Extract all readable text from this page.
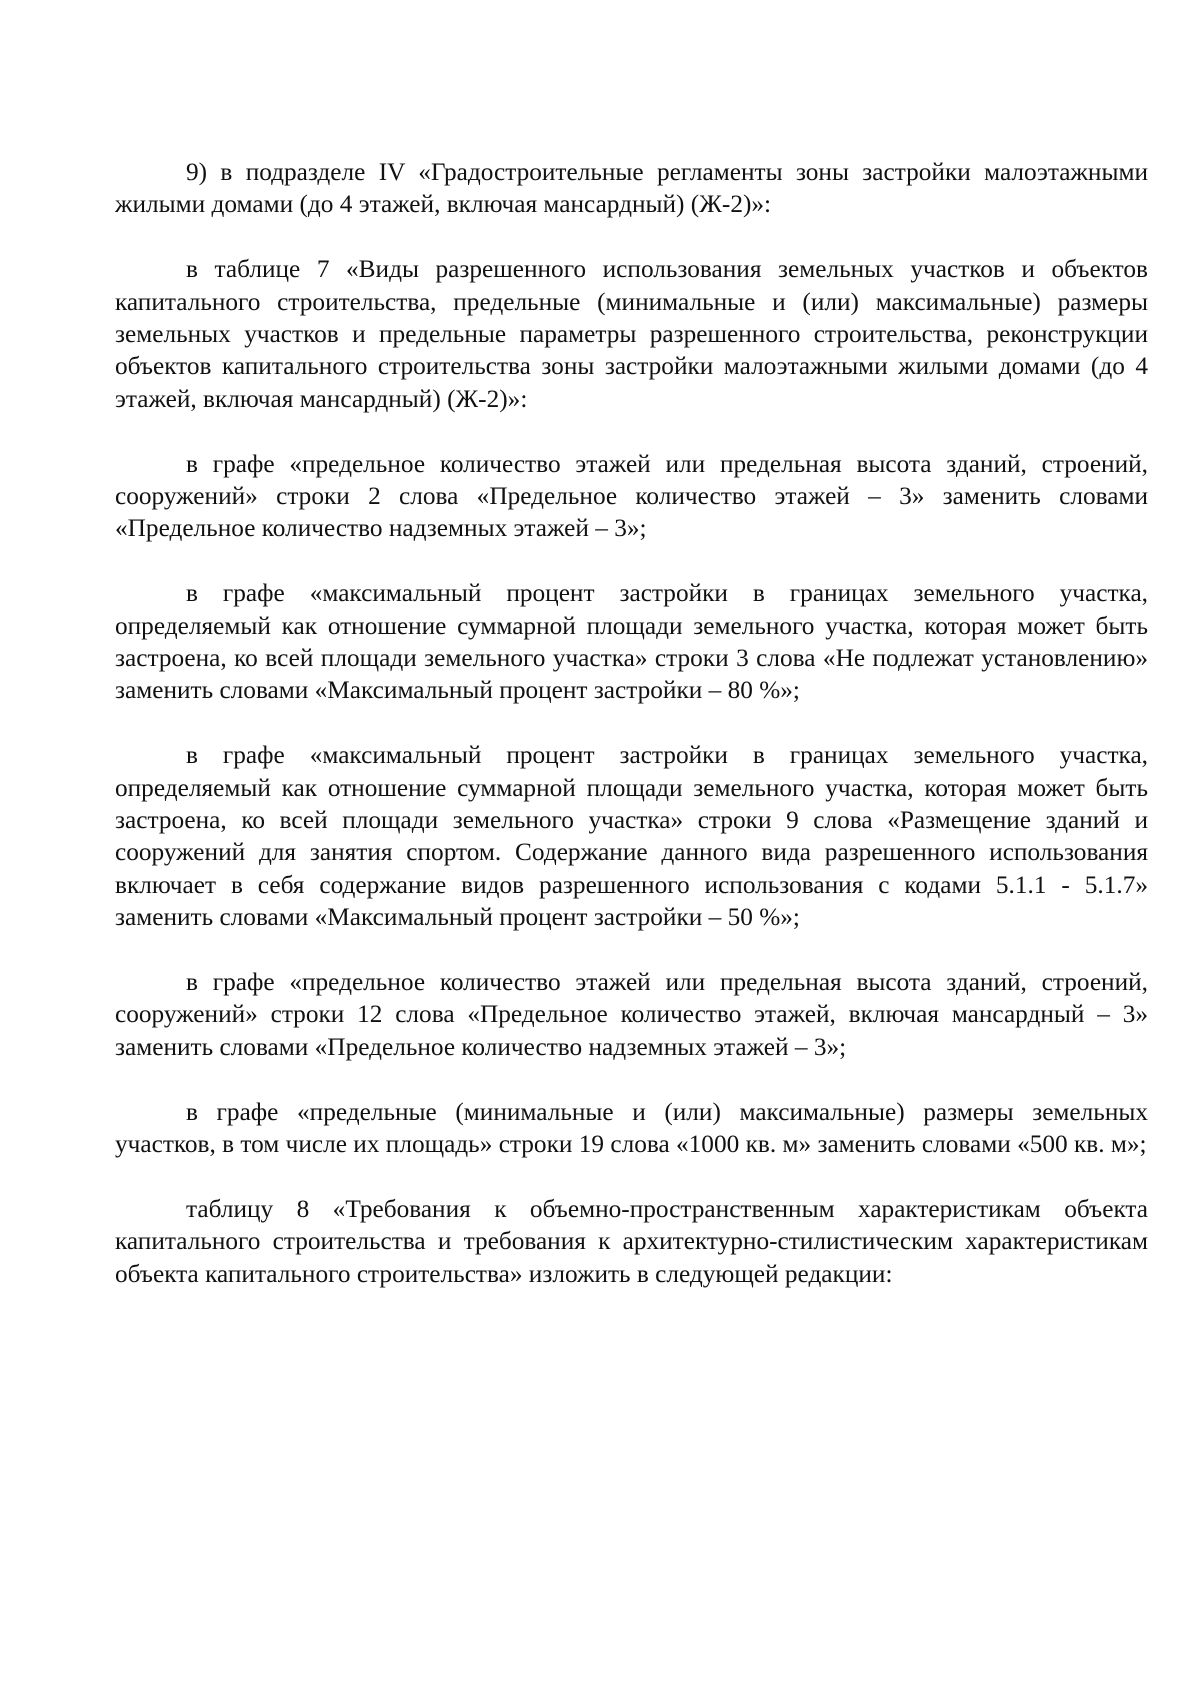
9) в подразделе IV «Градостроительные регламенты зоны застройки малоэтажными жилыми домами (до 4 этажей, включая мансардный) (Ж-2)»:

в таблице 7 «Виды разрешенного использования земельных участков и объектов капитального строительства, предельные (минимальные и (или) максимальные) размеры земельных участков и предельные параметры разрешенного строительства, реконструкции объектов капитального строительства зоны застройки малоэтажными жилыми домами (до 4 этажей, включая мансардный) (Ж-2)»:

в графе «предельное количество этажей или предельная высота зданий, строений, сооружений» строки 2 слова «Предельное количество этажей – 3» заменить словами «Предельное количество надземных этажей – 3»;

в графе «максимальный процент застройки в границах земельного участка, определяемый как отношение суммарной площади земельного участка, которая может быть застроена, ко всей площади земельного участка» строки 3 слова «Не подлежат установлению» заменить словами «Максимальный процент застройки – 80 %»;

в графе «максимальный процент застройки в границах земельного участка, определяемый как отношение суммарной площади земельного участка, которая может быть застроена, ко всей площади земельного участка» строки 9 слова «Размещение зданий и сооружений для занятия спортом. Содержание данного вида разрешенного использования включает в себя содержание видов разрешенного использования с кодами 5.1.1 - 5.1.7» заменить словами «Максимальный процент застройки – 50 %»;

в графе «предельное количество этажей или предельная высота зданий, строений, сооружений» строки 12 слова «Предельное количество этажей, включая мансардный – 3» заменить словами «Предельное количество надземных этажей – 3»;

в графе «предельные (минимальные и (или) максимальные) размеры земельных участков, в том числе их площадь» строки 19 слова «1000 кв. м» заменить словами «500 кв. м»;

таблицу 8 «Требования к объемно-пространственным характеристикам объекта капитального строительства и требования к архитектурно-стилистическим характеристикам объекта капитального строительства» изложить в следующей редакции:
